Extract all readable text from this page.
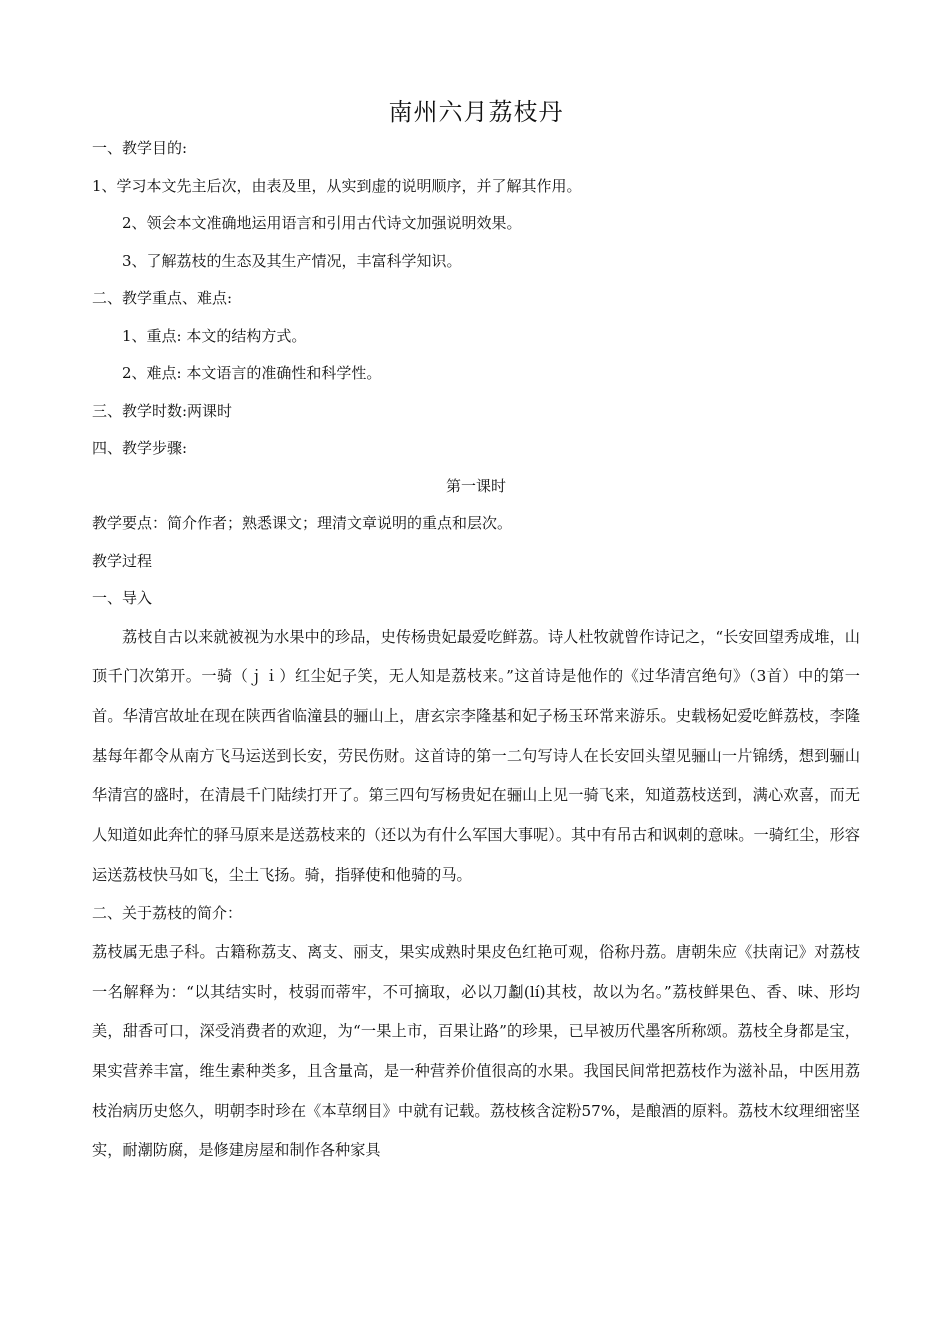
南州六月荔枝丹

一、教学目的:

1、学习本文先主后次，由表及里，从实到虚的说明顺序，并了解其作用。

2、领会本文准确地运用语言和引用古代诗文加强说明效果。

3、了解荔枝的生态及其生产情况，丰富科学知识。

二、教学重点、难点:

1、重点: 本文的结构方式。

2、难点: 本文语言的准确性和科学性。

三、教学时数:两课时

四、教学步骤:

第一课时

教学要点：简介作者；熟悉课文；理清文章说明的重点和层次。

教学过程

一、导入

荔枝自古以来就被视为水果中的珍品，史传杨贵妃最爱吃鲜荔。诗人杜牧就曾作诗记之，“长安回望秀成堆，山顶千门次第开。一骑（ｊｉ）红尘妃子笑，无人知是荔枝来。”这首诗是他作的《过华清宫绝句》（3首）中的第一首。华清宫故址在现在陕西省临潼县的骊山上，唐玄宗李隆基和妃子杨玉环常来游乐。史载杨妃爱吃鲜荔枝，李隆基每年都令从南方飞马运送到长安，劳民伤财。这首诗的第一二句写诗人在长安回头望见骊山一片锦绣，想到骊山华清宫的盛时，在清晨千门陆续打开了。第三四句写杨贵妃在骊山上见一骑飞来，知道荔枝送到，满心欢喜，而无人知道如此奔忙的驿马原来是送荔枝来的（还以为有什么军国大事呢）。其中有吊古和讽刺的意味。一骑红尘，形容运送荔枝快马如飞，尘土飞扬。骑，指驿使和他骑的马。

二、关于荔枝的简介：

荔枝属无患子科。古籍称荔支、离支、丽支，果实成熟时果皮色红艳可观，俗称丹荔。唐朝朱应《扶南记》对荔枝一名解释为：“以其结实时，枝弱而蒂牢，不可摘取，必以刀劙(lí)其枝，故以为名。”荔枝鲜果色、香、味、形均美，甜香可口，深受消费者的欢迎，为“一果上市，百果让路”的珍果，已早被历代墨客所称颂。荔枝全身都是宝，果实营养丰富，维生素种类多，且含量高，是一种营养价值很高的水果。我国民间常把荔枝作为滋补品，中医用荔枝治病历史悠久，明朝李时珍在《本草纲目》中就有记载。荔枝核含淀粉57%，是酿酒的原料。荔枝木纹理细密坚实，耐潮防腐，是修建房屋和制作各种家具
